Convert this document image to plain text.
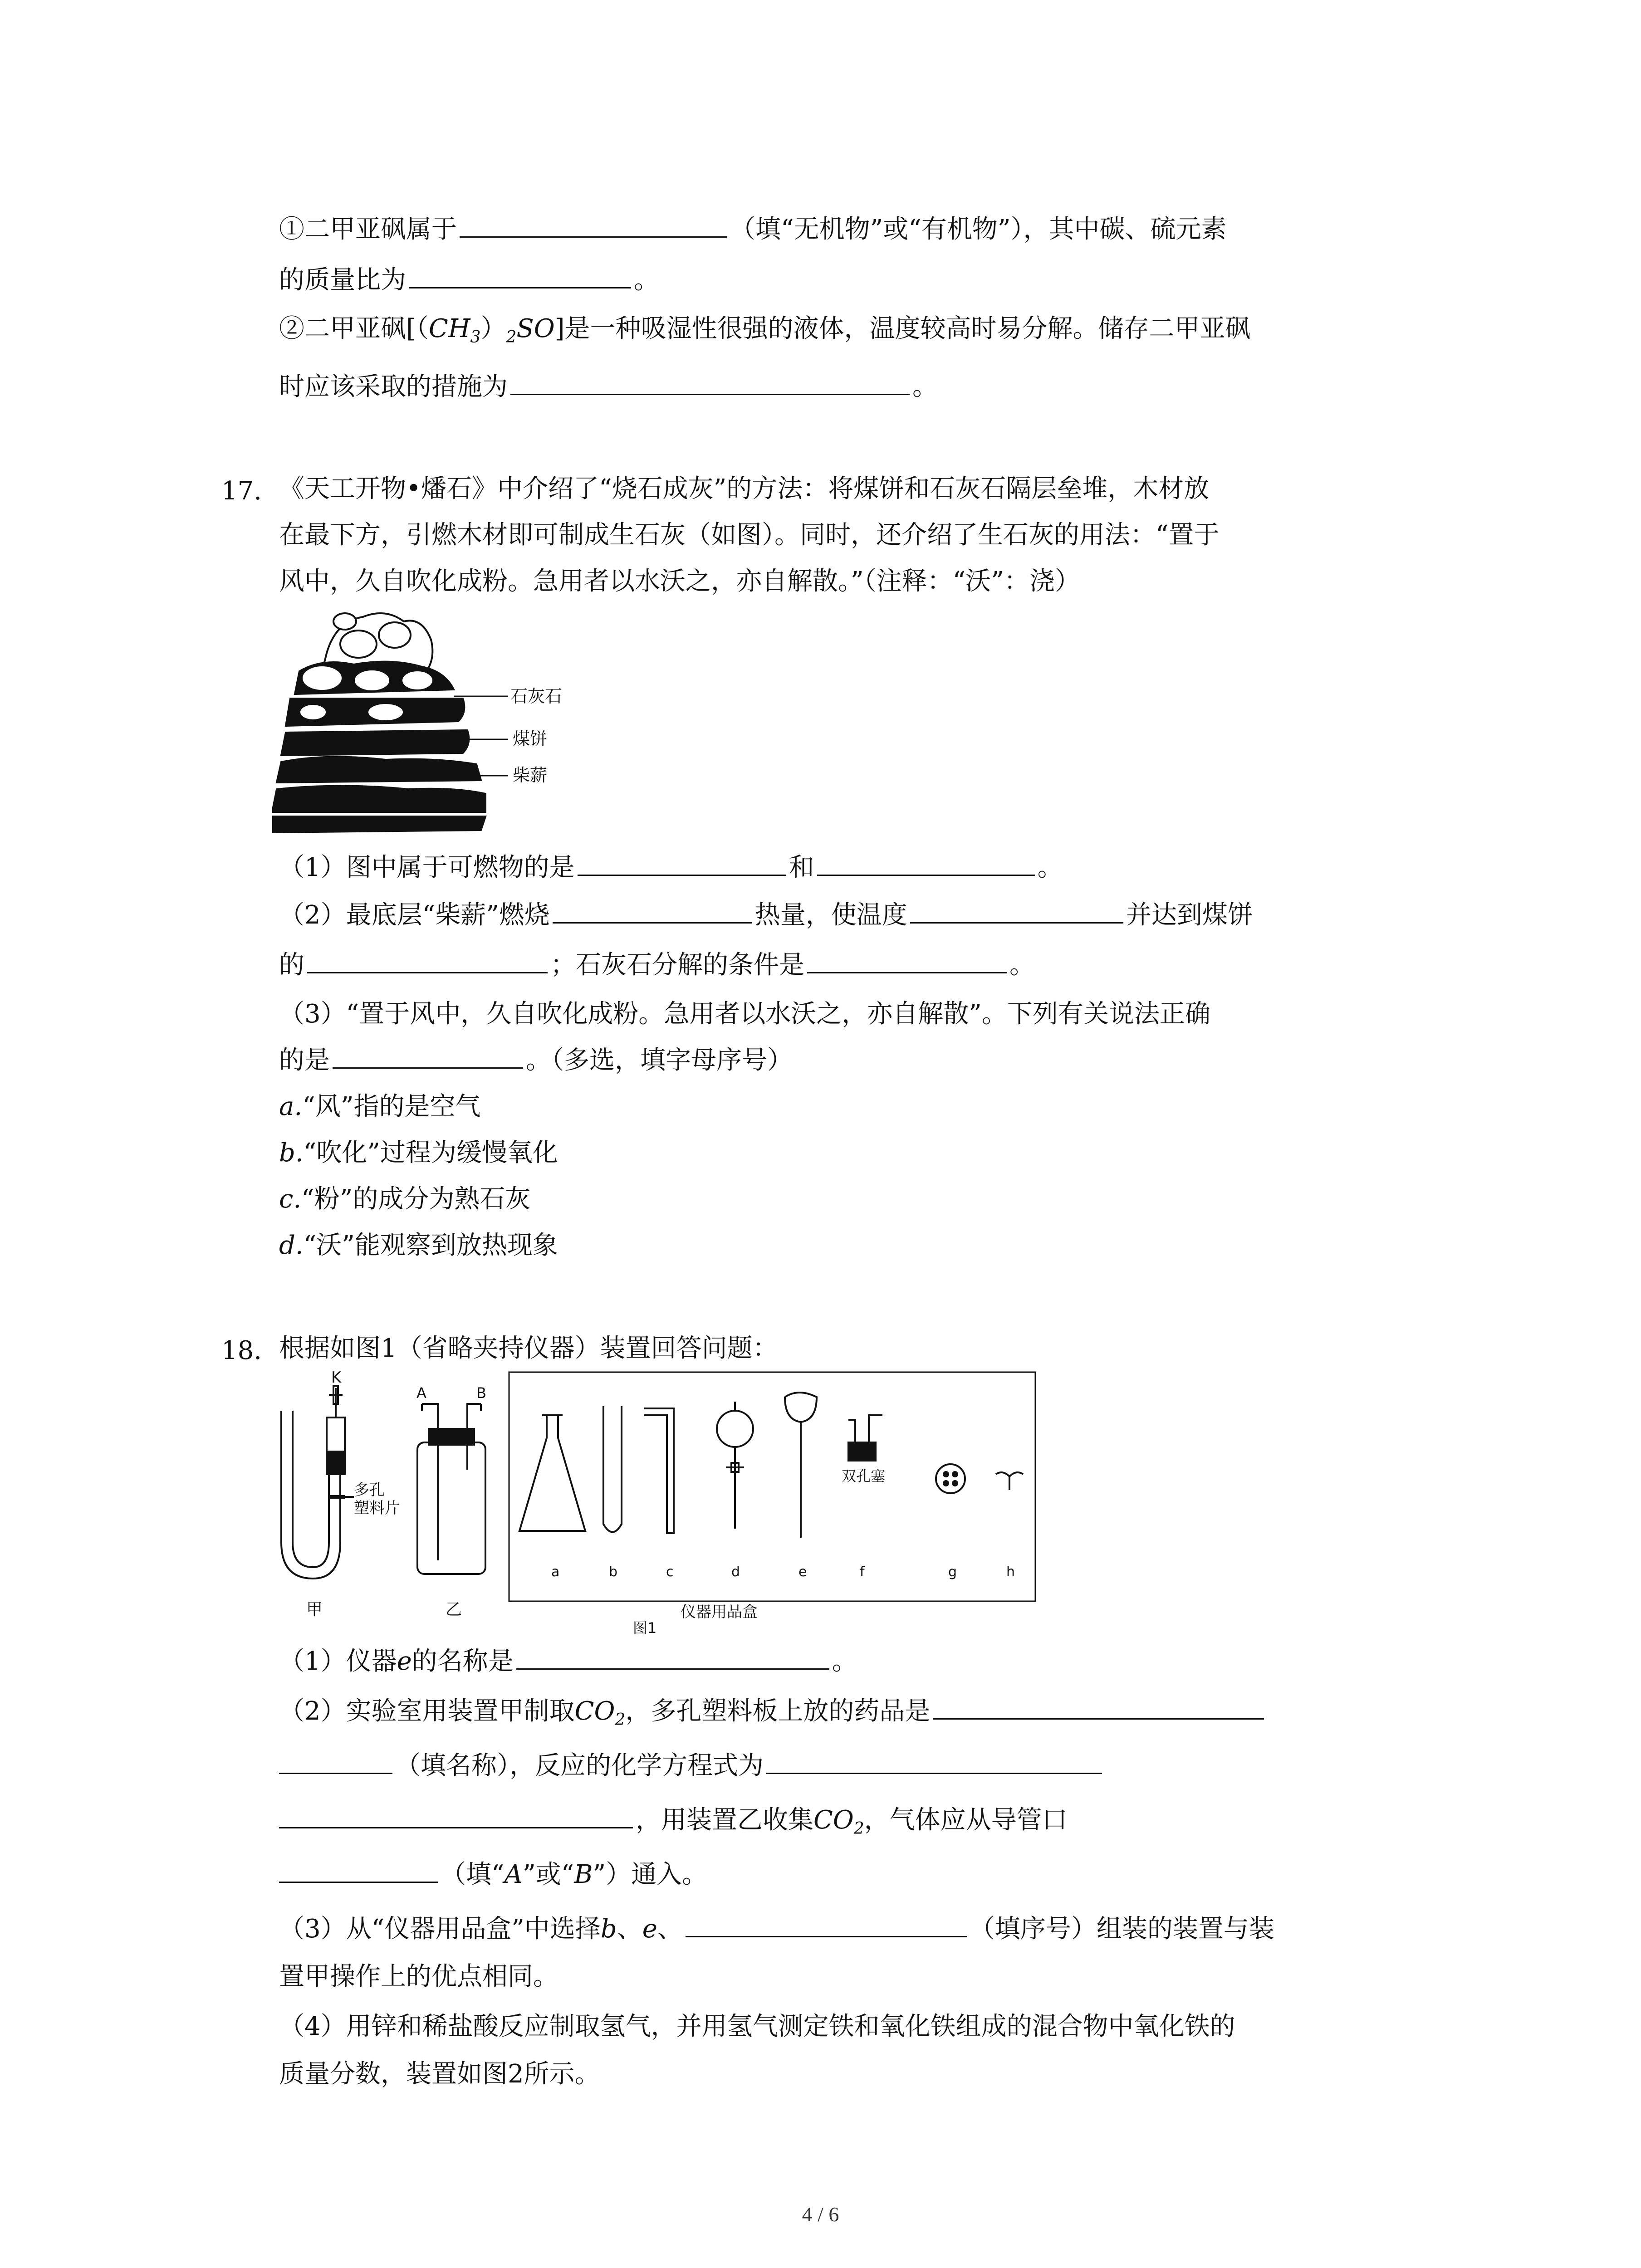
①二甲亚砜属于	（填“无机物”或“有机物”），其中碳、硫元素
的质量比为	。
②二甲亚砜$[(CH_3)_2SO]$是一种吸湿性很强的液体，温度较高时易分解。储存二甲亚砜
时应该采取的措施为	。
17. 《天工开物•燔石》中介绍了“烧石成灰”的方法：将煤饼和石灰石隔层垒堆，木材放
在最下方，引燃木材即可制成生石灰（如图）。同时，还介绍了生石灰的用法：“置于
风中，久自吹化成粉。急用者以水沃之，亦自解散。”（注释：“沃”：浇）
石灰石
煤饼
柴薪
（1）图中属于可燃物的是	和	。
（2）最底层“柴薪”燃烧	热量，使温度	并达到煤饼
的	；石灰石分解的条件是	。
（3）“置于风中，久自吹化成粉。急用者以水沃之，亦自解散”。下列有关说法正确
的是	。（多选，填字母序号）
a.“风”指的是空气
b.“吹化”过程为缓慢氧化
c.“粉”的成分为熟石灰
d.“沃”能观察到放热现象
18. 根据如图1（省略夹持仪器）装置回答问题：
K
多孔
塑料片
甲
A	B
乙
双孔塞
a	b	c	d	e	f	g	h
仪器用品盒
图1
（1）仪器e的名称是	。
（2）实验室用装置甲制取$CO_2$，多孔塑料板上放的药品是
（填名称），反应的化学方程式为
，用装置乙收集$CO_2$，气体应从导管口
（填“A”或“B”）通入。
（3）从“仪器用品盒”中选择b、e、	（填序号）组装的装置与装
置甲操作上的优点相同。
（4）用锌和稀盐酸反应制取氢气，并用氢气测定铁和氧化铁组成的混合物中氧化铁的
质量分数，装置如图2所示。
4 / 6
